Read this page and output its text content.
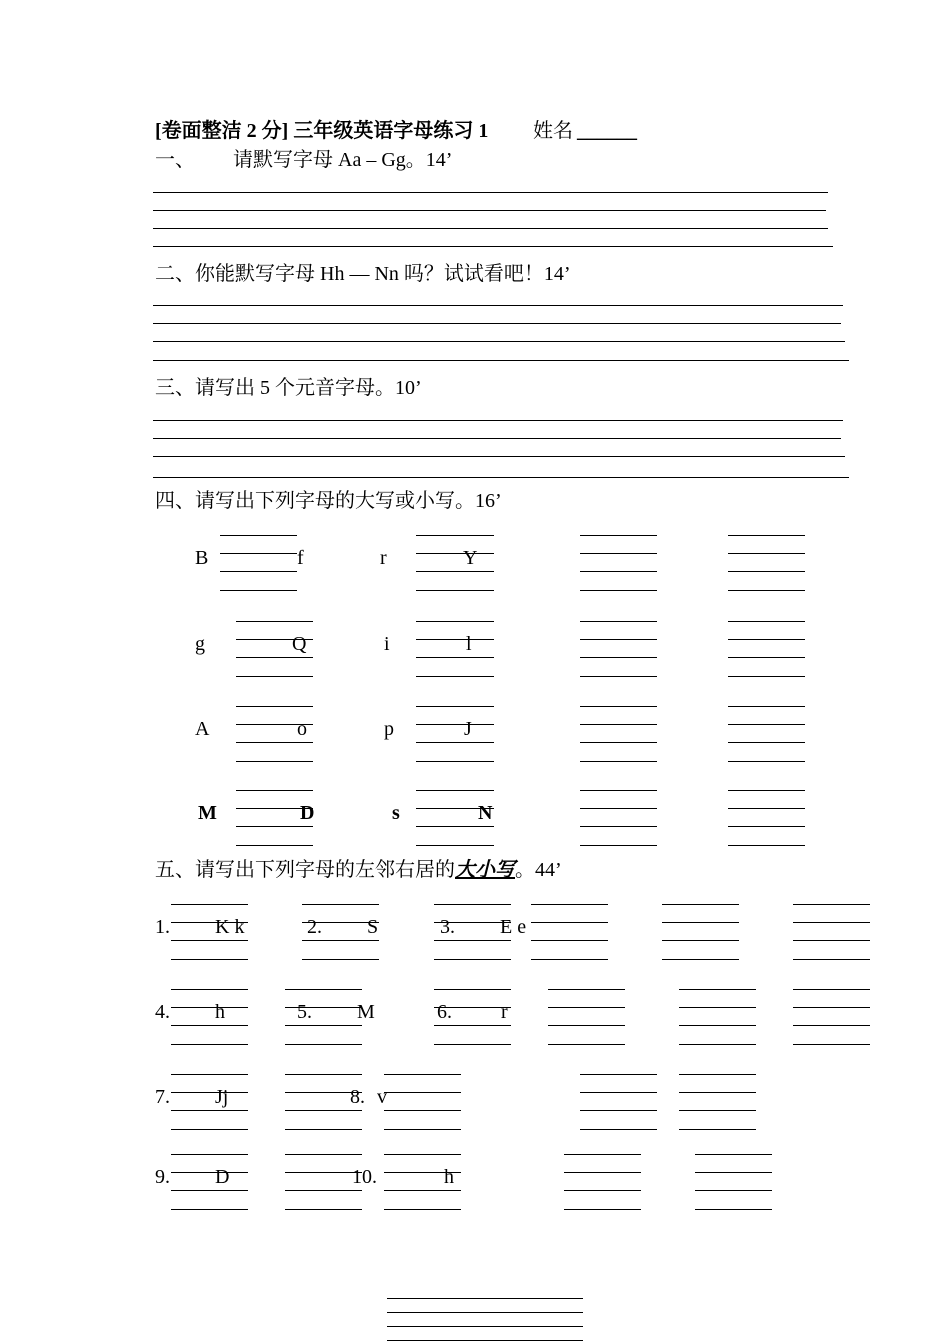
[卷面整洁 2 分] 三年级英语字母练习 1 姓名 ______
一、 请默写字母 Aa – Gg。14’
二、你能默写字母 Hh — Nn 吗？试试看吧！14’
三、请写出 5 个元音字母。10’
四、请写出下列字母的大写或小写。16’
B	f	r	Y
g	Q	i	l
A	o	p	J
M	D	s	N
五、请写出下列字母的左邻右居的大小写。44’
1. K k	2. S	3. E e
4. h	5. M	6. r
7. Jj	8. v
9. D	10.	h
